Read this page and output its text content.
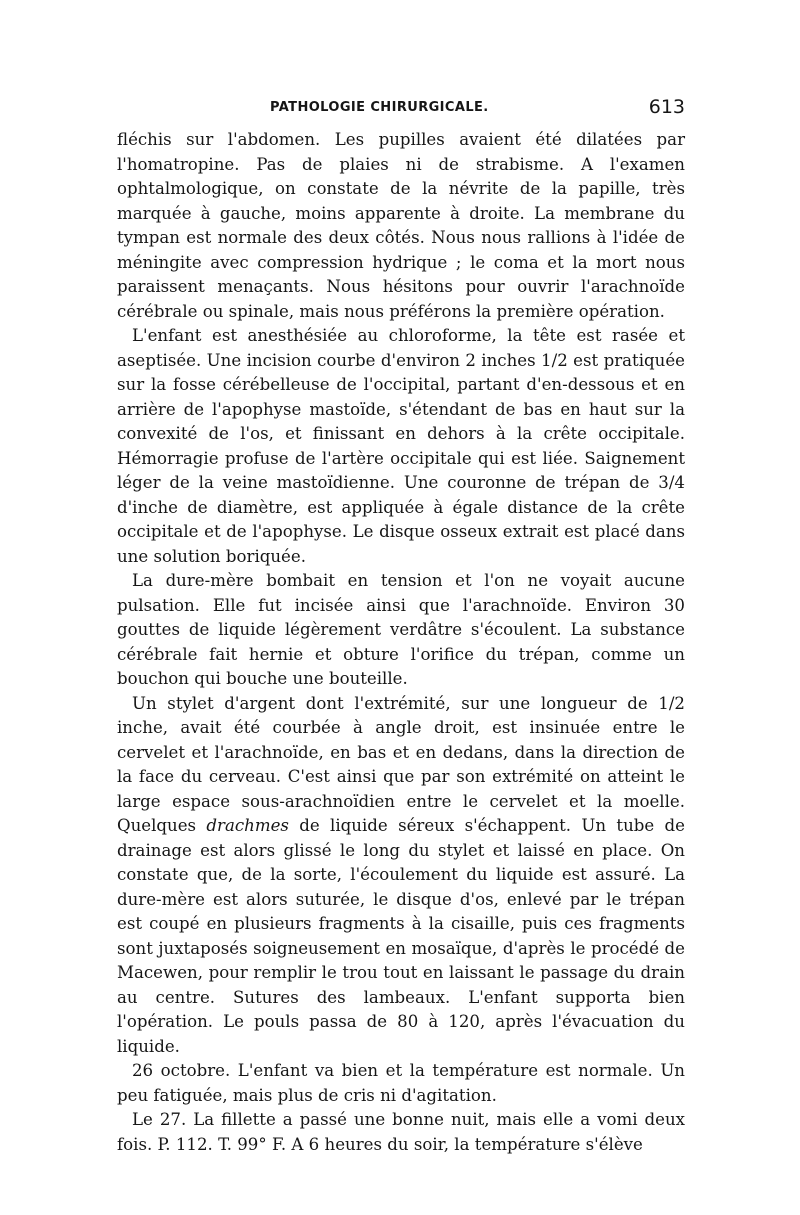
PATHOLOGIE CHIRURGICALE.	613

fléchis sur l'abdomen. Les pupilles avaient été dilatées par l'homatropine. Pas de plaies ni de strabisme. A l'examen ophtalmologique, on constate de la névrite de la papille, très marquée à gauche, moins apparente à droite. La membrane du tympan est normale des deux côtés. Nous nous rallions à l'idée de méningite avec compression hydrique ; le coma et la mort nous paraissent menaçants. Nous hésitons pour ouvrir l'arachnoïde cérébrale ou spinale, mais nous préférons la première opération.

L'enfant est anesthésiée au chloroforme, la tête est rasée et aseptisée. Une incision courbe d'environ 2 inches 1/2 est pratiquée sur la fosse cérébelleuse de l'occipital, partant d'en-dessous et en arrière de l'apophyse mastoïde, s'étendant de bas en haut sur la convexité de l'os, et finissant en dehors à la crête occipitale. Hémorragie profuse de l'artère occipitale qui est liée. Saignement léger de la veine mastoïdienne. Une couronne de trépan de 3/4 d'inche de diamètre, est appliquée à égale distance de la crête occipitale et de l'apophyse. Le disque osseux extrait est placé dans une solution boriquée.

La dure-mère bombait en tension et l'on ne voyait aucune pulsation. Elle fut incisée ainsi que l'arachnoïde. Environ 30 gouttes de liquide légèrement verdâtre s'écoulent. La substance cérébrale fait hernie et obture l'orifice du trépan, comme un bouchon qui bouche une bouteille.

Un stylet d'argent dont l'extrémité, sur une longueur de 1/2 inche, avait été courbée à angle droit, est insinuée entre le cervelet et l'arachnoïde, en bas et en dedans, dans la direction de la face du cerveau. C'est ainsi que par son extrémité on atteint le large espace sous-arachnoïdien entre le cervelet et la moelle. Quelques drachmes de liquide séreux s'échappent. Un tube de drainage est alors glissé le long du stylet et laissé en place. On constate que, de la sorte, l'écoulement du liquide est assuré. La dure-mère est alors suturée, le disque d'os, enlevé par le trépan est coupé en plusieurs fragments à la cisaille, puis ces fragments sont juxtaposés soigneusement en mosaïque, d'après le procédé de Macewen, pour remplir le trou tout en laissant le passage du drain au centre. Sutures des lambeaux. L'enfant supporta bien l'opération. Le pouls passa de 80 à 120, après l'évacuation du liquide.

26 octobre. L'enfant va bien et la température est normale. Un peu fatiguée, mais plus de cris ni d'agitation.

Le 27. La fillette a passé une bonne nuit, mais elle a vomi deux fois. P. 112. T. 99° F. A 6 heures du soir, la température s'élève
